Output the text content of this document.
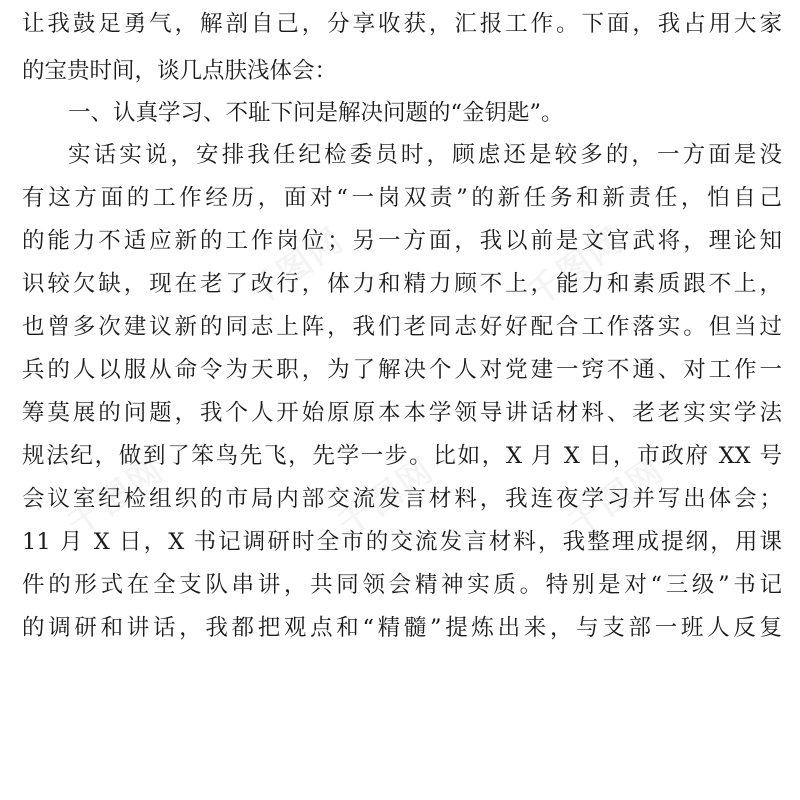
千图网	千图网
千图网	千图网	千图网
让我鼓足勇气，解剖自己，分享收获，汇报工作。下面，我占用大家
的宝贵时间，谈几点肤浅体会：
一、认真学习、不耻下问是解决问题的“金钥匙”。
实话实说，安排我任纪检委员时，顾虑还是较多的，一方面是没
有这方面的工作经历，面对“一岗双责”的新任务和新责任，怕自己
的能力不适应新的工作岗位；另一方面，我以前是文官武将，理论知
识较欠缺，现在老了改行，体力和精力顾不上，能力和素质跟不上，
也曾多次建议新的同志上阵，我们老同志好好配合工作落实。但当过
兵的人以服从命令为天职，为了解决个人对党建一窍不通、对工作一
筹莫展的问题，我个人开始原原本本学领导讲话材料、老老实实学法
规法纪，做到了笨鸟先飞，先学一步。比如，X 月 X 日，市政府 XX 号
会议室纪检组织的市局内部交流发言材料，我连夜学习并写出体会；
11 月 X 日，X 书记调研时全市的交流发言材料，我整理成提纲，用课
件的形式在全支队串讲，共同领会精神实质。特别是对“三级”书记
的调研和讲话，我都把观点和“精髓”提炼出来，与支部一班人反复
